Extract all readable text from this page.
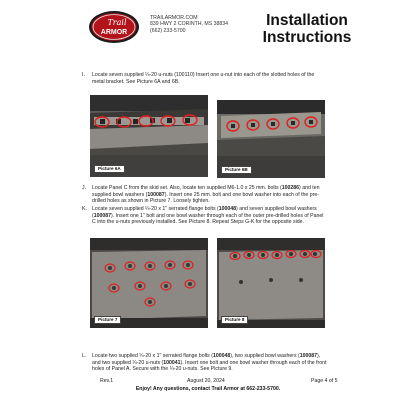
Trail
ARMOR
TRAILARMOR.COM
839 HWY 2 CORINTH, MS 38834
(662) 233-5700
Installation
Instructions
I. Locate seven supplied ¼-20 u-nuts (100110) Insert one u-nut into each of the slotted holes of the
metal bracket. See Picture 6A and 6B.
Picture 6A	Picture 6B
J. Locate Panel C from the skid set. Also, locate ten supplied M6-1.0 x 25 mm. bolts (100286) and ten
supplied bowl washers (100087). Insert one 25 mm. bolt and one bowl washer into each of the pre-
drilled holes as shown in Picture 7. Loosely tighten.
K. Locate seven supplied ¼-20 x 1" serrated flange bolts (100048) and seven supplied bowl washers
(100087). Insert one 1" bolt and one bowl washer through each of the outer pre-drilled holes of Panel
C into the u-nuts previously installed. See Picture 8. Repeat Steps G-K for the opposite side.
Picture 7	Picture 8
L. Locate two supplied ¼-20 x 1" serrated flange bolts (100048), two supplied bowl washers (100087),
and two supplied ¼-20 u-nuts (100041). Insert one bolt and one bowl washer through each of the front
holes of Panel A. Secure with the ¼-20 u-nuts. See Picture 9.
Rev.1	August 20, 2024	Page 4 of 5
Enjoy! Any questions, contact Trail Armor at 662-233-5700.
